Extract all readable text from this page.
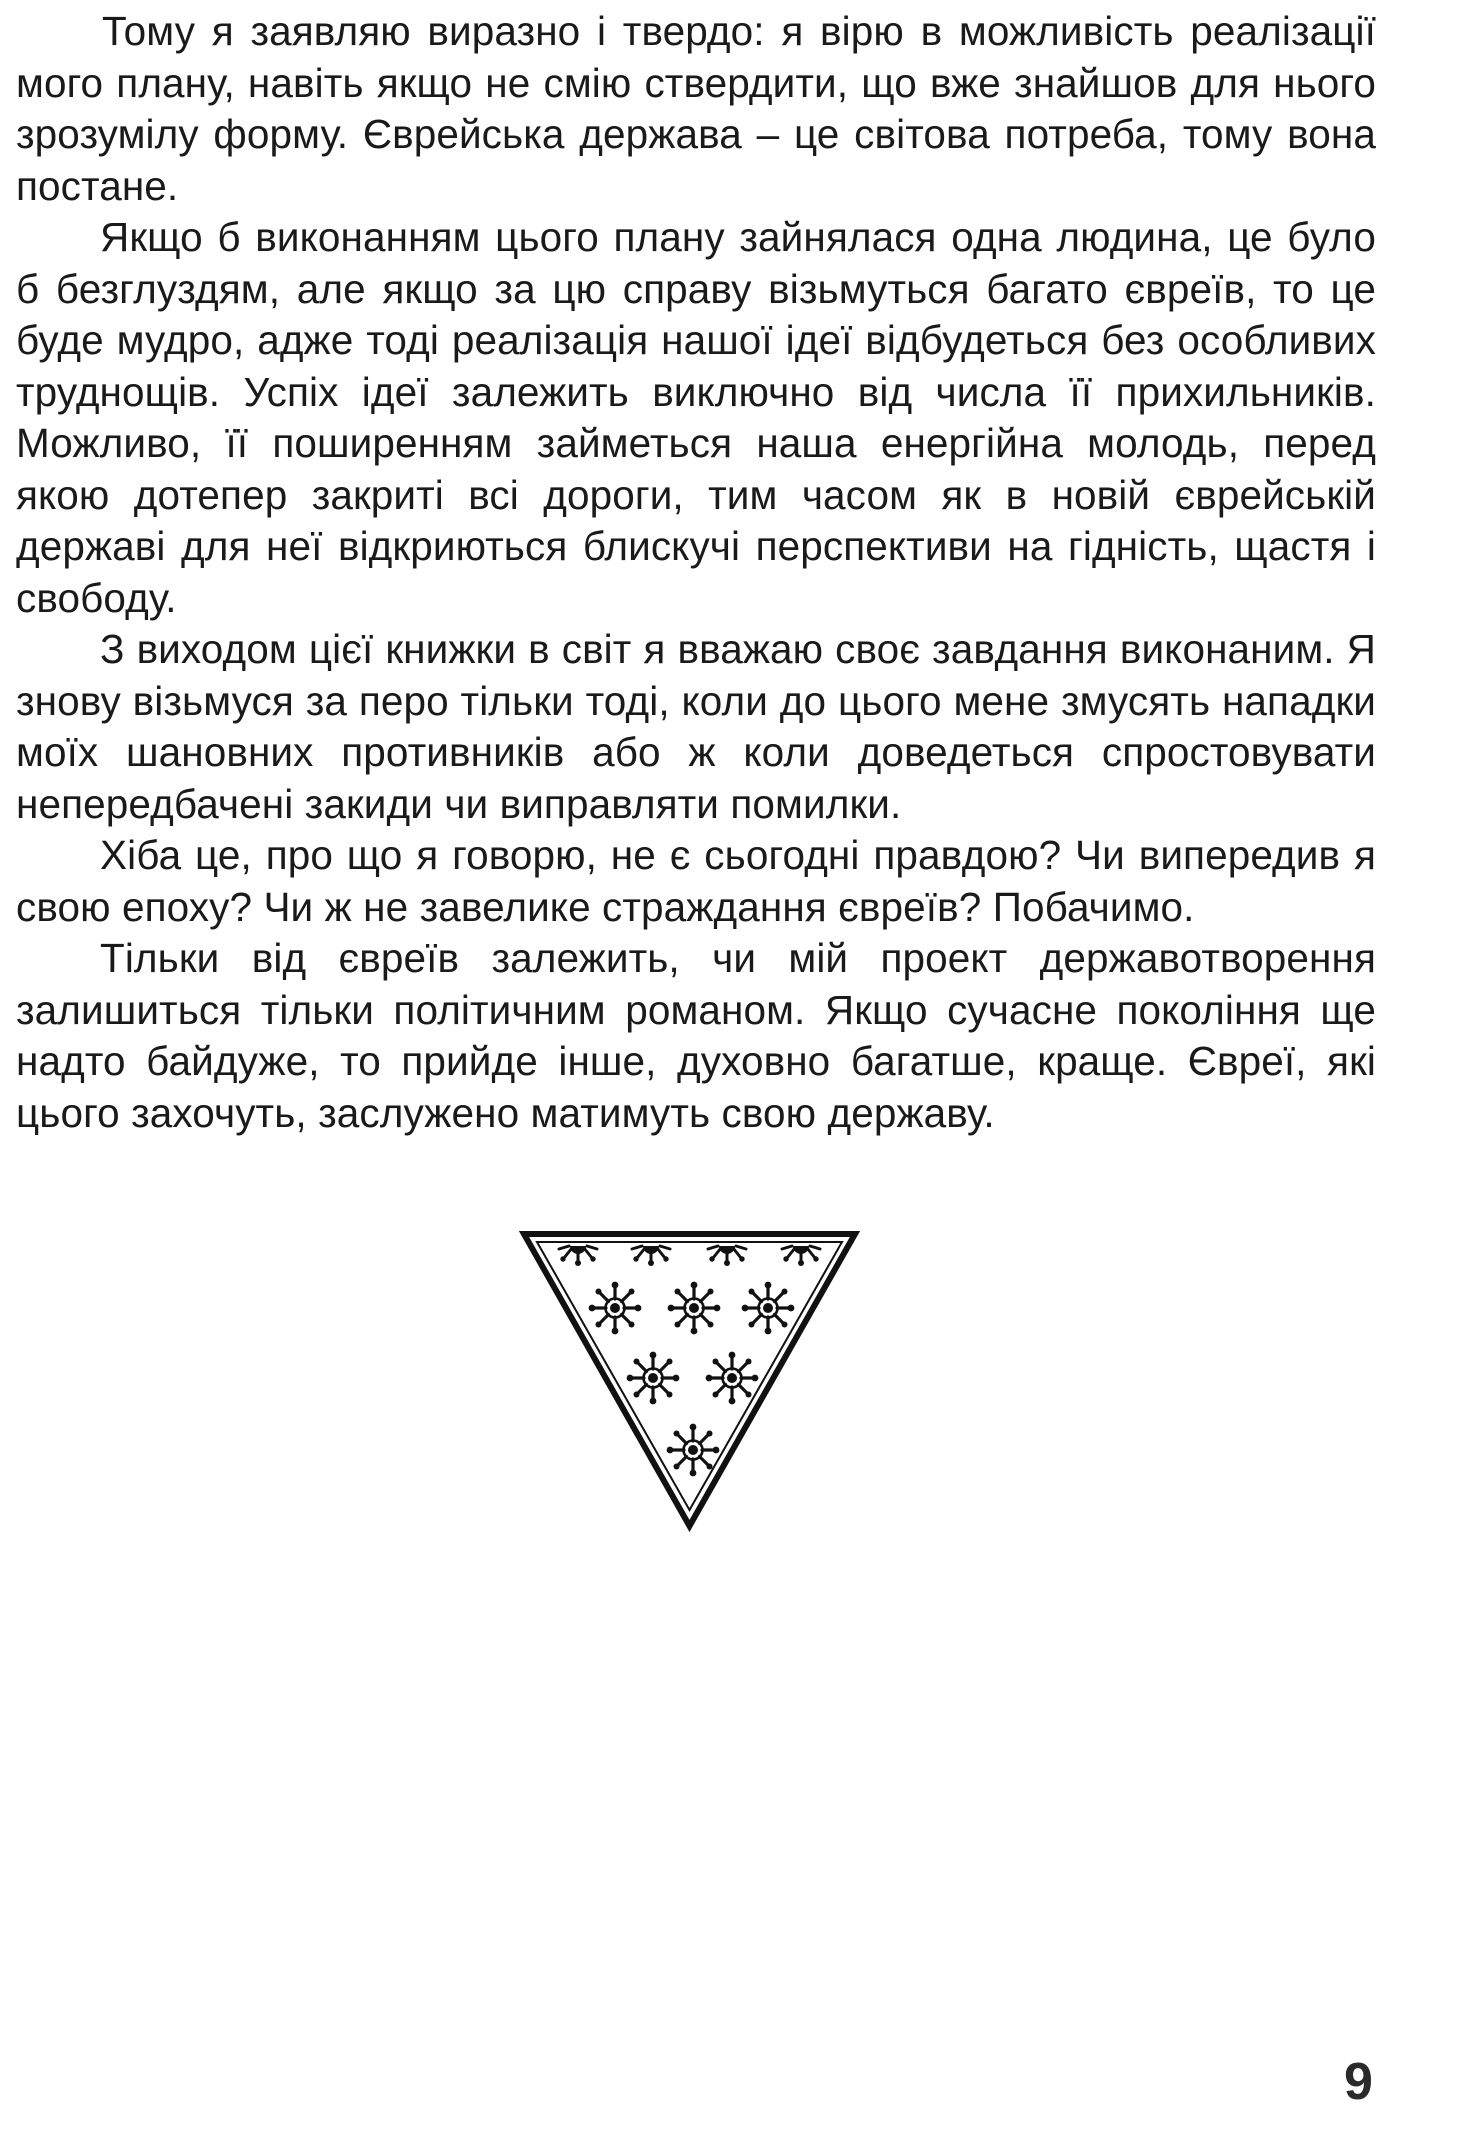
Тому я заявляю виразно і твердо: я вірю в можливість реалізації мого плану, навіть якщо не смію ствердити, що вже знайшов для нього зрозумілу форму. Єврейська держава – це світова потреба, тому вона постане.

Якщо б виконанням цього плану зайнялася одна людина, це було б безглуздям, але якщо за цю справу візьмуться багато євреїв, то це буде мудро, адже тоді реалізація нашої ідеї відбудеться без особливих труднощів. Успіх ідеї залежить виключно від числа її прихильників. Можливо, її поширенням займеться наша енергійна молодь, перед якою дотепер закриті всі дороги, тим часом як в новій єврейській державі для неї відкриються блискучі перспективи на гідність, щастя і свободу.

З виходом цієї книжки в світ я вважаю своє завдання виконаним. Я знову візьмуся за перо тільки тоді, коли до цього мене змусять нападки моїх шановних противників або ж коли доведеться спростовувати непередбачені закиди чи виправляти помилки.

Хіба це, про що я говорю, не є сьогодні правдою? Чи випередив я свою епоху? Чи ж не завелике страждання євреїв? Побачимо.

Тільки від євреїв залежить, чи мій проект державотворення залишиться тільки політичним романом. Якщо сучасне покоління ще надто байдуже, то прийде інше, духовно багатше, краще. Євреї, які цього захочуть, заслужено матимуть свою державу.

9
